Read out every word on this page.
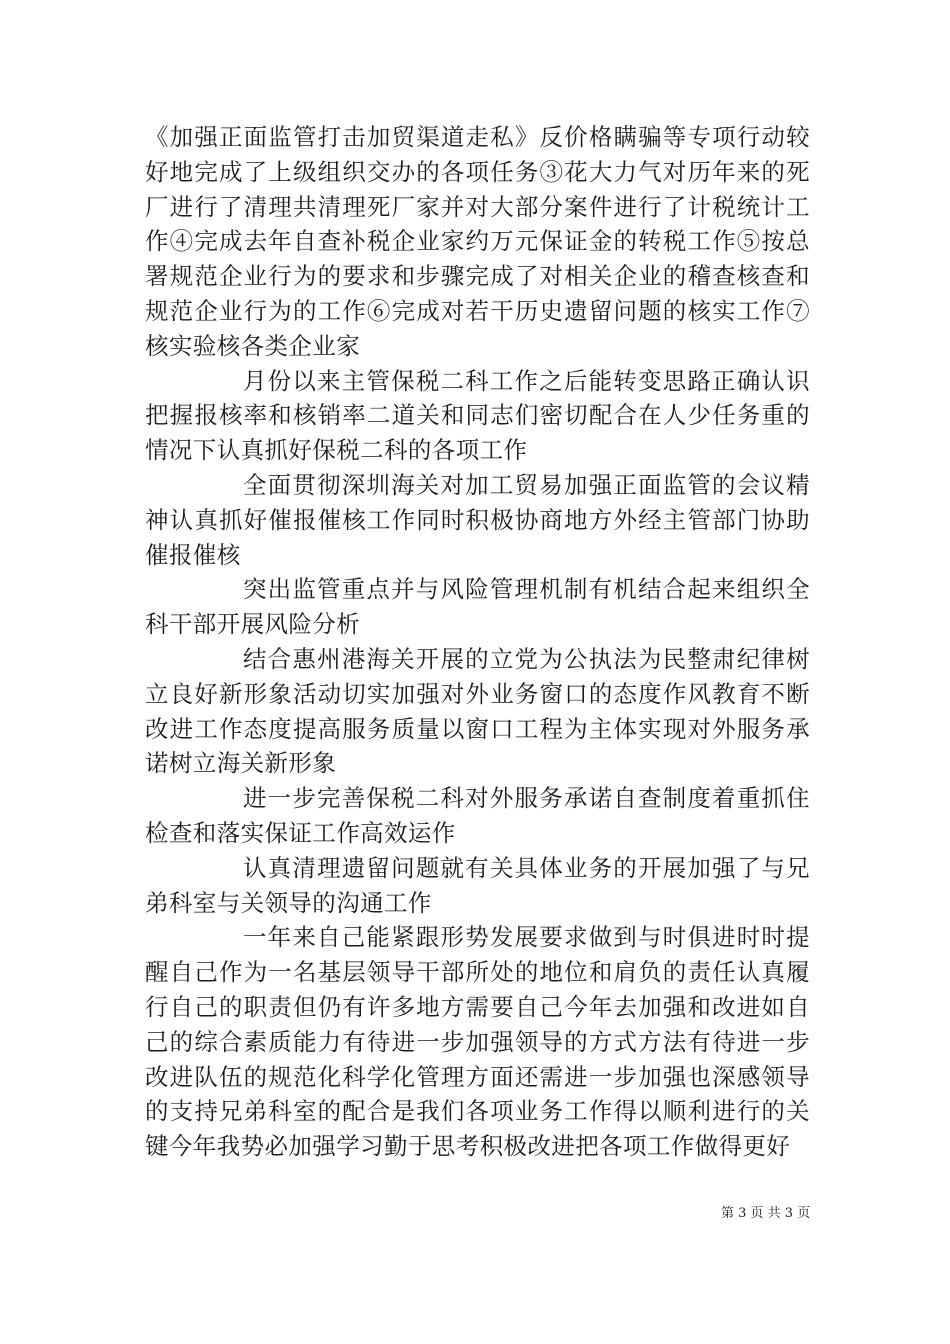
《加强正面监管打击加贸渠道走私》反价格瞒骗等专项行动较好地完成了上级组织交办的各项任务③花大力气对历年来的死厂进行了清理共清理死厂家并对大部分案件进行了计税统计工作④完成去年自查补税企业家约万元保证金的转税工作⑤按总署规范企业行为的要求和步骤完成了对相关企业的稽查核查和规范企业行为的工作⑥完成对若干历史遗留问题的核实工作⑦核实验核各类企业家

月份以来主管保税二科工作之后能转变思路正确认识把握报核率和核销率二道关和同志们密切配合在人少任务重的情况下认真抓好保税二科的各项工作

全面贯彻深圳海关对加工贸易加强正面监管的会议精神认真抓好催报催核工作同时积极协商地方外经主管部门协助催报催核

突出监管重点并与风险管理机制有机结合起来组织全科干部开展风险分析

结合惠州港海关开展的立党为公执法为民整肃纪律树立良好新形象活动切实加强对外业务窗口的态度作风教育不断改进工作态度提高服务质量以窗口工程为主体实现对外服务承诺树立海关新形象

进一步完善保税二科对外服务承诺自查制度着重抓住检查和落实保证工作高效运作

认真清理遗留问题就有关具体业务的开展加强了与兄弟科室与关领导的沟通工作

一年来自己能紧跟形势发展要求做到与时俱进时时提醒自己作为一名基层领导干部所处的地位和肩负的责任认真履行自己的职责但仍有许多地方需要自己今年去加强和改进如自己的综合素质能力有待进一步加强领导的方式方法有待进一步改进队伍的规范化科学化管理方面还需进一步加强也深感领导的支持兄弟科室的配合是我们各项业务工作得以顺利进行的关键今年我势必加强学习勤于思考积极改进把各项工作做得更好

第 3 页 共 3 页
